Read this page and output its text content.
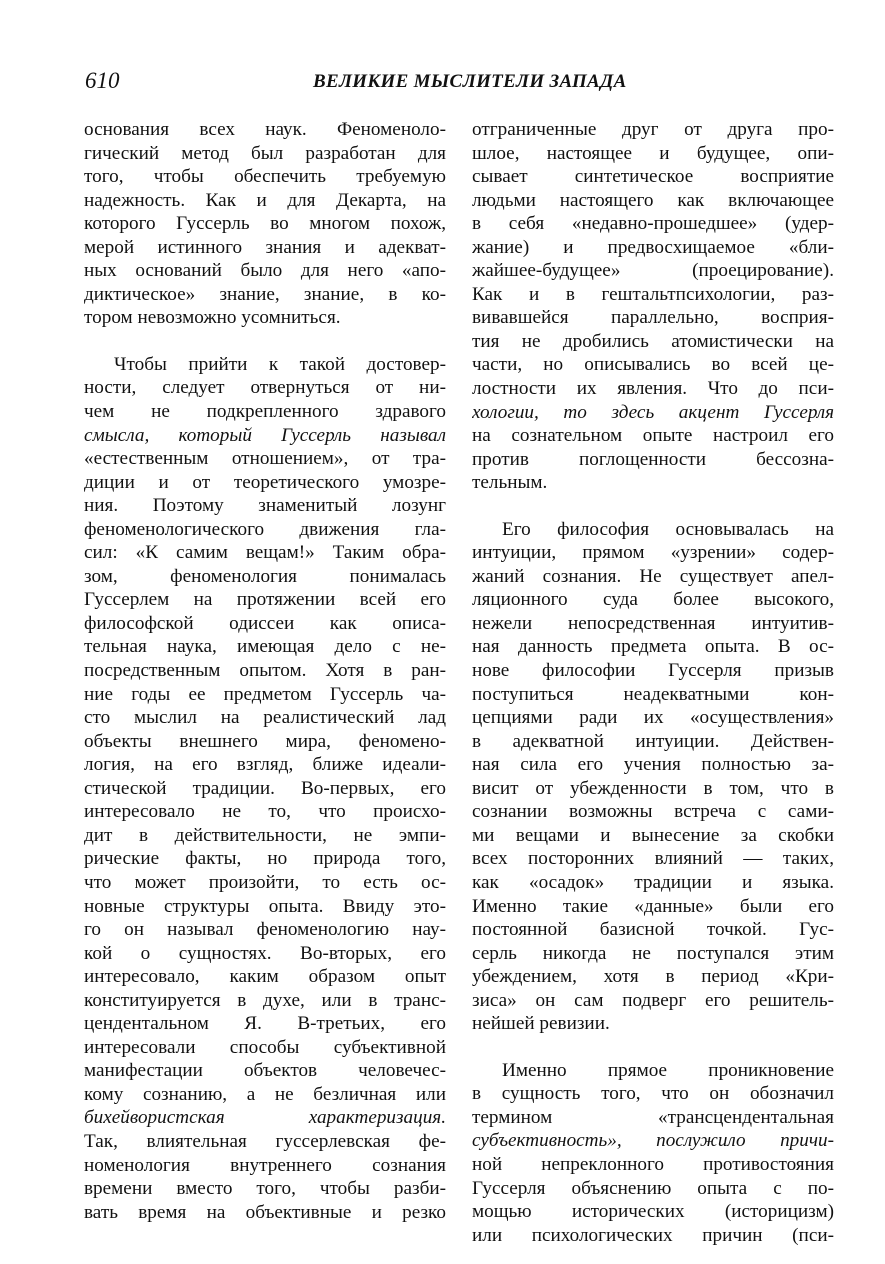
610	ВЕЛИКИЕ МЫСЛИТЕЛИ ЗАПАДА
основания всех наук. Феноменоло-
гический метод был разработан для
того, чтобы обеспечить требуемую
надежность. Как и для Декарта, на
которого Гуссерль во многом похож,
мерой истинного знания и адекват-
ных оснований было для него «апо-
диктическое» знание, знание, в ко-
тором невозможно усомниться.
Чтобы прийти к такой достовер-
ности, следует отвернуться от ни-
чем не подкрепленного здравого
смысла, который Гуссерль называл
«естественным отношением», от тра-
диции и от теоретического умозре-
ния. Поэтому знаменитый лозунг
феноменологического движения гла-
сил: «К самим вещам!» Таким обра-
зом, феноменология понималась
Гуссерлем на протяжении всей его
философской одиссеи как описа-
тельная наука, имеющая дело с не-
посредственным опытом. Хотя в ран-
ние годы ее предметом Гуссерль ча-
сто мыслил на реалистический лад
объекты внешнего мира, феномено-
логия, на его взгляд, ближе идеали-
стической традиции. Во-первых, его
интересовало не то, что происхо-
дит в действительности, не эмпи-
рические факты, но природа того,
что может произойти, то есть ос-
новные структуры опыта. Ввиду это-
го он называл феноменологию нау-
кой о сущностях. Во-вторых, его
интересовало, каким образом опыт
конституируется в духе, или в транс-
цендентальном Я. В-третьих, его
интересовали способы субъективной
манифестации объектов человечес-
кому сознанию, а не безличная или
бихейвористская характеризация.
Так, влиятельная гуссерлевская фе-
номенология внутреннего сознания
времени вместо того, чтобы разби-
вать время на объективные и резко
отграниченные друг от друга про-
шлое, настоящее и будущее, опи-
сывает синтетическое восприятие
людьми настоящего как включающее
в себя «недавно-прошедшее» (удер-
жание) и предвосхищаемое «бли-
жайшее-будущее» (проецирование).
Как и в гештальтпсихологии, раз-
вивавшейся параллельно, восприя-
тия не дробились атомистически на
части, но описывались во всей це-
лостности их явления. Что до пси-
хологии, то здесь акцент Гуссерля
на сознательном опыте настроил его
против поглощенности бессозна-
тельным.
Его философия основывалась на
интуиции, прямом «узрении» содер-
жаний сознания. Не существует апел-
ляционного суда более высокого,
нежели непосредственная интуитив-
ная данность предмета опыта. В ос-
нове философии Гуссерля призыв
поступиться неадекватными кон-
цепциями ради их «осуществления»
в адекватной интуиции. Действен-
ная сила его учения полностью за-
висит от убежденности в том, что в
сознании возможны встреча с сами-
ми вещами и вынесение за скобки
всех посторонних влияний — таких,
как «осадок» традиции и языка.
Именно такие «данные» были его
постоянной базисной точкой. Гус-
серль никогда не поступался этим
убеждением, хотя в период «Кри-
зиса» он сам подверг его решитель-
нейшей ревизии.
Именно прямое проникновение
в сущность того, что он обозначил
термином «трансцендентальная
субъективность», послужило причи-
ной непреклонного противостояния
Гуссерля объяснению опыта с по-
мощью исторических (историцизм)
или психологических причин (пси-
